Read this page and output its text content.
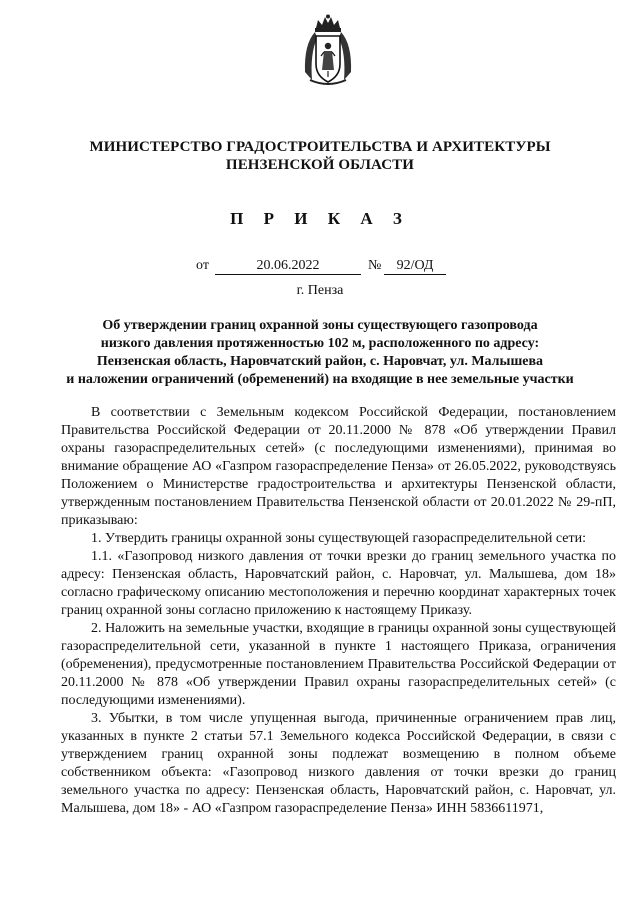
МИНИСТЕРСТВО ГРАДОСТРОИТЕЛЬСТВА И АРХИТЕКТУРЫ
ПЕНЗЕНСКОЙ ОБЛАСТИ
П Р И К А З
от	20.06.2022	№	92/ОД
г. Пенза
Об утверждении границ охранной зоны существующего газопровода
низкого давления протяженностью 102 м, расположенного по адресу:
Пензенская область, Наровчатский район, с. Наровчат, ул. Малышева
и наложении ограничений (обременений) на входящие в нее земельные участки

В соответствии с Земельным кодексом Российской Федерации, постановлением Правительства Российской Федерации от 20.11.2000 № 878 «Об утверждении Правил охраны газораспределительных сетей» (с последующими изменениями), принимая во внимание обращение АО «Газпром газораспределение Пенза» от 26.05.2022, руководствуясь Положением о Министерстве градостроительства и архитектуры Пензенской области, утвержденным постановлением Правительства Пензенской области от 20.01.2022 № 29-пП, приказываю:

1. Утвердить границы охранной зоны существующей газораспределительной сети:

1.1. «Газопровод низкого давления от точки врезки до границ земельного участка по адресу: Пензенская область, Наровчатский район, с. Наровчат, ул. Малышева, дом 18» согласно графическому описанию местоположения и перечню координат характерных точек границ охранной зоны согласно приложению к настоящему Приказу.

2. Наложить на земельные участки, входящие в границы охранной зоны существующей газораспределительной сети, указанной в пункте 1 настоящего Приказа, ограничения (обременения), предусмотренные постановлением Правительства Российской Федерации от 20.11.2000 № 878 «Об утверждении Правил охраны газораспределительных сетей» (с последующими изменениями).

3. Убытки, в том числе упущенная выгода, причиненные ограничением прав лиц, указанных в пункте 2 статьи 57.1 Земельного кодекса Российской Федерации, в связи с утверждением границ охранной зоны подлежат возмещению в полном объеме собственником объекта: «Газопровод низкого давления от точки врезки до границ земельного участка по адресу: Пензенская область, Наровчатский район, с. Наровчат, ул. Малышева, дом 18» - АО «Газпром газораспределение Пенза» ИНН 5836611971,
